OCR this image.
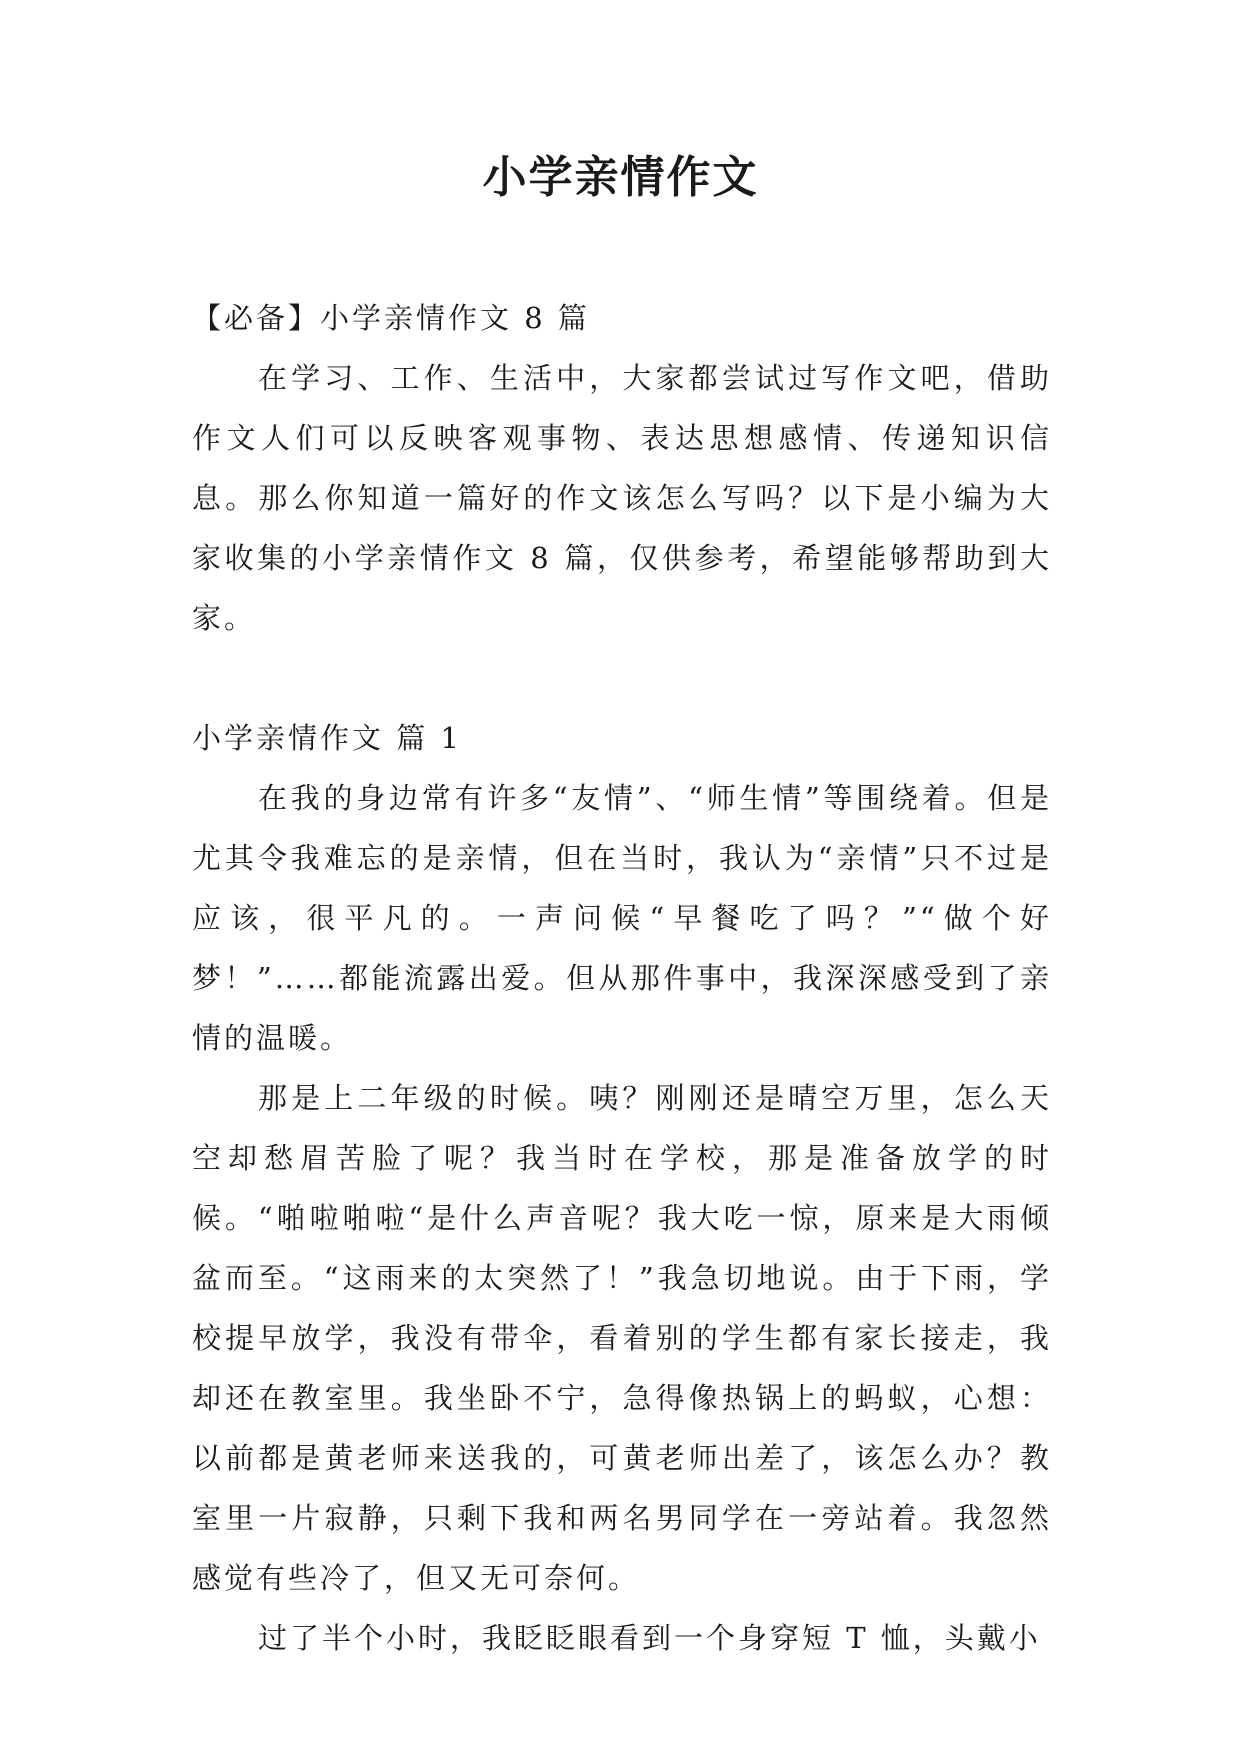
小学亲情作文

【必备】小学亲情作文 8 篇

在学习、工作、生活中，大家都尝试过写作文吧，借助作文人们可以反映客观事物、表达思想感情、传递知识信息。那么你知道一篇好的作文该怎么写吗？以下是小编为大家收集的小学亲情作文 8 篇，仅供参考，希望能够帮助到大家。

小学亲情作文 篇 1

在我的身边常有许多“友情”、“师生情”等围绕着。但是尤其令我难忘的是亲情，但在当时，我认为“亲情”只不过是应该，很平凡的。一声问候“早餐吃了吗？”“做个好梦！”……都能流露出爱。但从那件事中，我深深感受到了亲情的温暖。

那是上二年级的时候。咦？刚刚还是晴空万里，怎么天空却愁眉苦脸了呢？我当时在学校，那是准备放学的时候。“啪啦啪啦“是什么声音呢？我大吃一惊，原来是大雨倾盆而至。“这雨来的太突然了！”我急切地说。由于下雨，学校提早放学，我没有带伞，看着别的学生都有家长接走，我却还在教室里。我坐卧不宁，急得像热锅上的蚂蚁，心想：以前都是黄老师来送我的，可黄老师出差了，该怎么办？教室里一片寂静，只剩下我和两名男同学在一旁站着。我忽然感觉有些冷了，但又无可奈何。

过了半个小时，我眨眨眼看到一个身穿短 T 恤，头戴小
